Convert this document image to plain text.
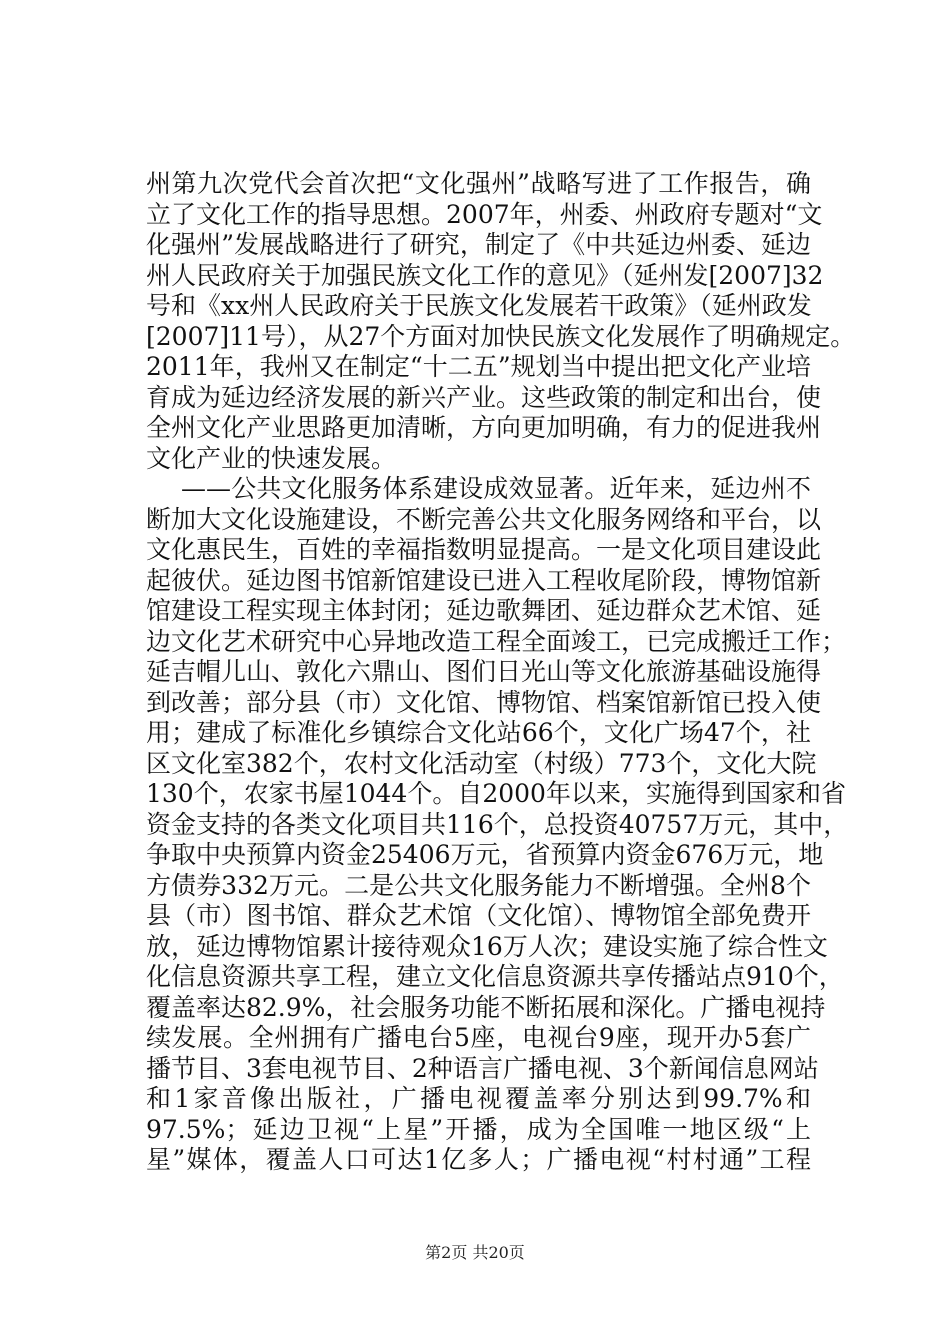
州第九次党代会首次把“文化强州”战略写进了工作报告，确
立了文化工作的指导思想。2007年，州委、州政府专题对“文
化强州”发展战略进行了研究，制定了《中共延边州委、延边
州人民政府关于加强民族文化工作的意见》（延州发[2007]32
号和《xx州人民政府关于民族文化发展若干政策》（延州政发
[2007]11号），从27个方面对加快民族文化发展作了明确规定。
2011年，我州又在制定“十二五”规划当中提出把文化产业培
育成为延边经济发展的新兴产业。这些政策的制定和出台，使
全州文化产业思路更加清晰，方向更加明确，有力的促进我州
文化产业的快速发展。
——公共文化服务体系建设成效显著。近年来，延边州不
断加大文化设施建设，不断完善公共文化服务网络和平台，以
文化惠民生，百姓的幸福指数明显提高。一是文化项目建设此
起彼伏。延边图书馆新馆建设已进入工程收尾阶段，博物馆新
馆建设工程实现主体封闭；延边歌舞团、延边群众艺术馆、延
边文化艺术研究中心异地改造工程全面竣工，已完成搬迁工作；
延吉帽儿山、敦化六鼎山、图们日光山等文化旅游基础设施得
到改善；部分县（市）文化馆、博物馆、档案馆新馆已投入使
用；建成了标准化乡镇综合文化站66个，文化广场47个，社
区文化室382个，农村文化活动室（村级）773个，文化大院
130个，农家书屋1044个。自2000年以来，实施得到国家和省
资金支持的各类文化项目共116个，总投资40757万元，其中，
争取中央预算内资金25406万元，省预算内资金676万元，地
方债券332万元。二是公共文化服务能力不断增强。全州8个
县（市）图书馆、群众艺术馆（文化馆）、博物馆全部免费开
放，延边博物馆累计接待观众16万人次；建设实施了综合性文
化信息资源共享工程，建立文化信息资源共享传播站点910个，
覆盖率达82.9%，社会服务功能不断拓展和深化。广播电视持
续发展。全州拥有广播电台5座，电视台9座，现开办5套广
播节目、3套电视节目、2种语言广播电视、3个新闻信息网站
和1家音像出版社，广播电视覆盖率分别达到99.7%和
97.5%；延边卫视“上星”开播，成为全国唯一地区级“上
星”媒体，覆盖人口可达1亿多人；广播电视“村村通”工程
第2页 共20页
